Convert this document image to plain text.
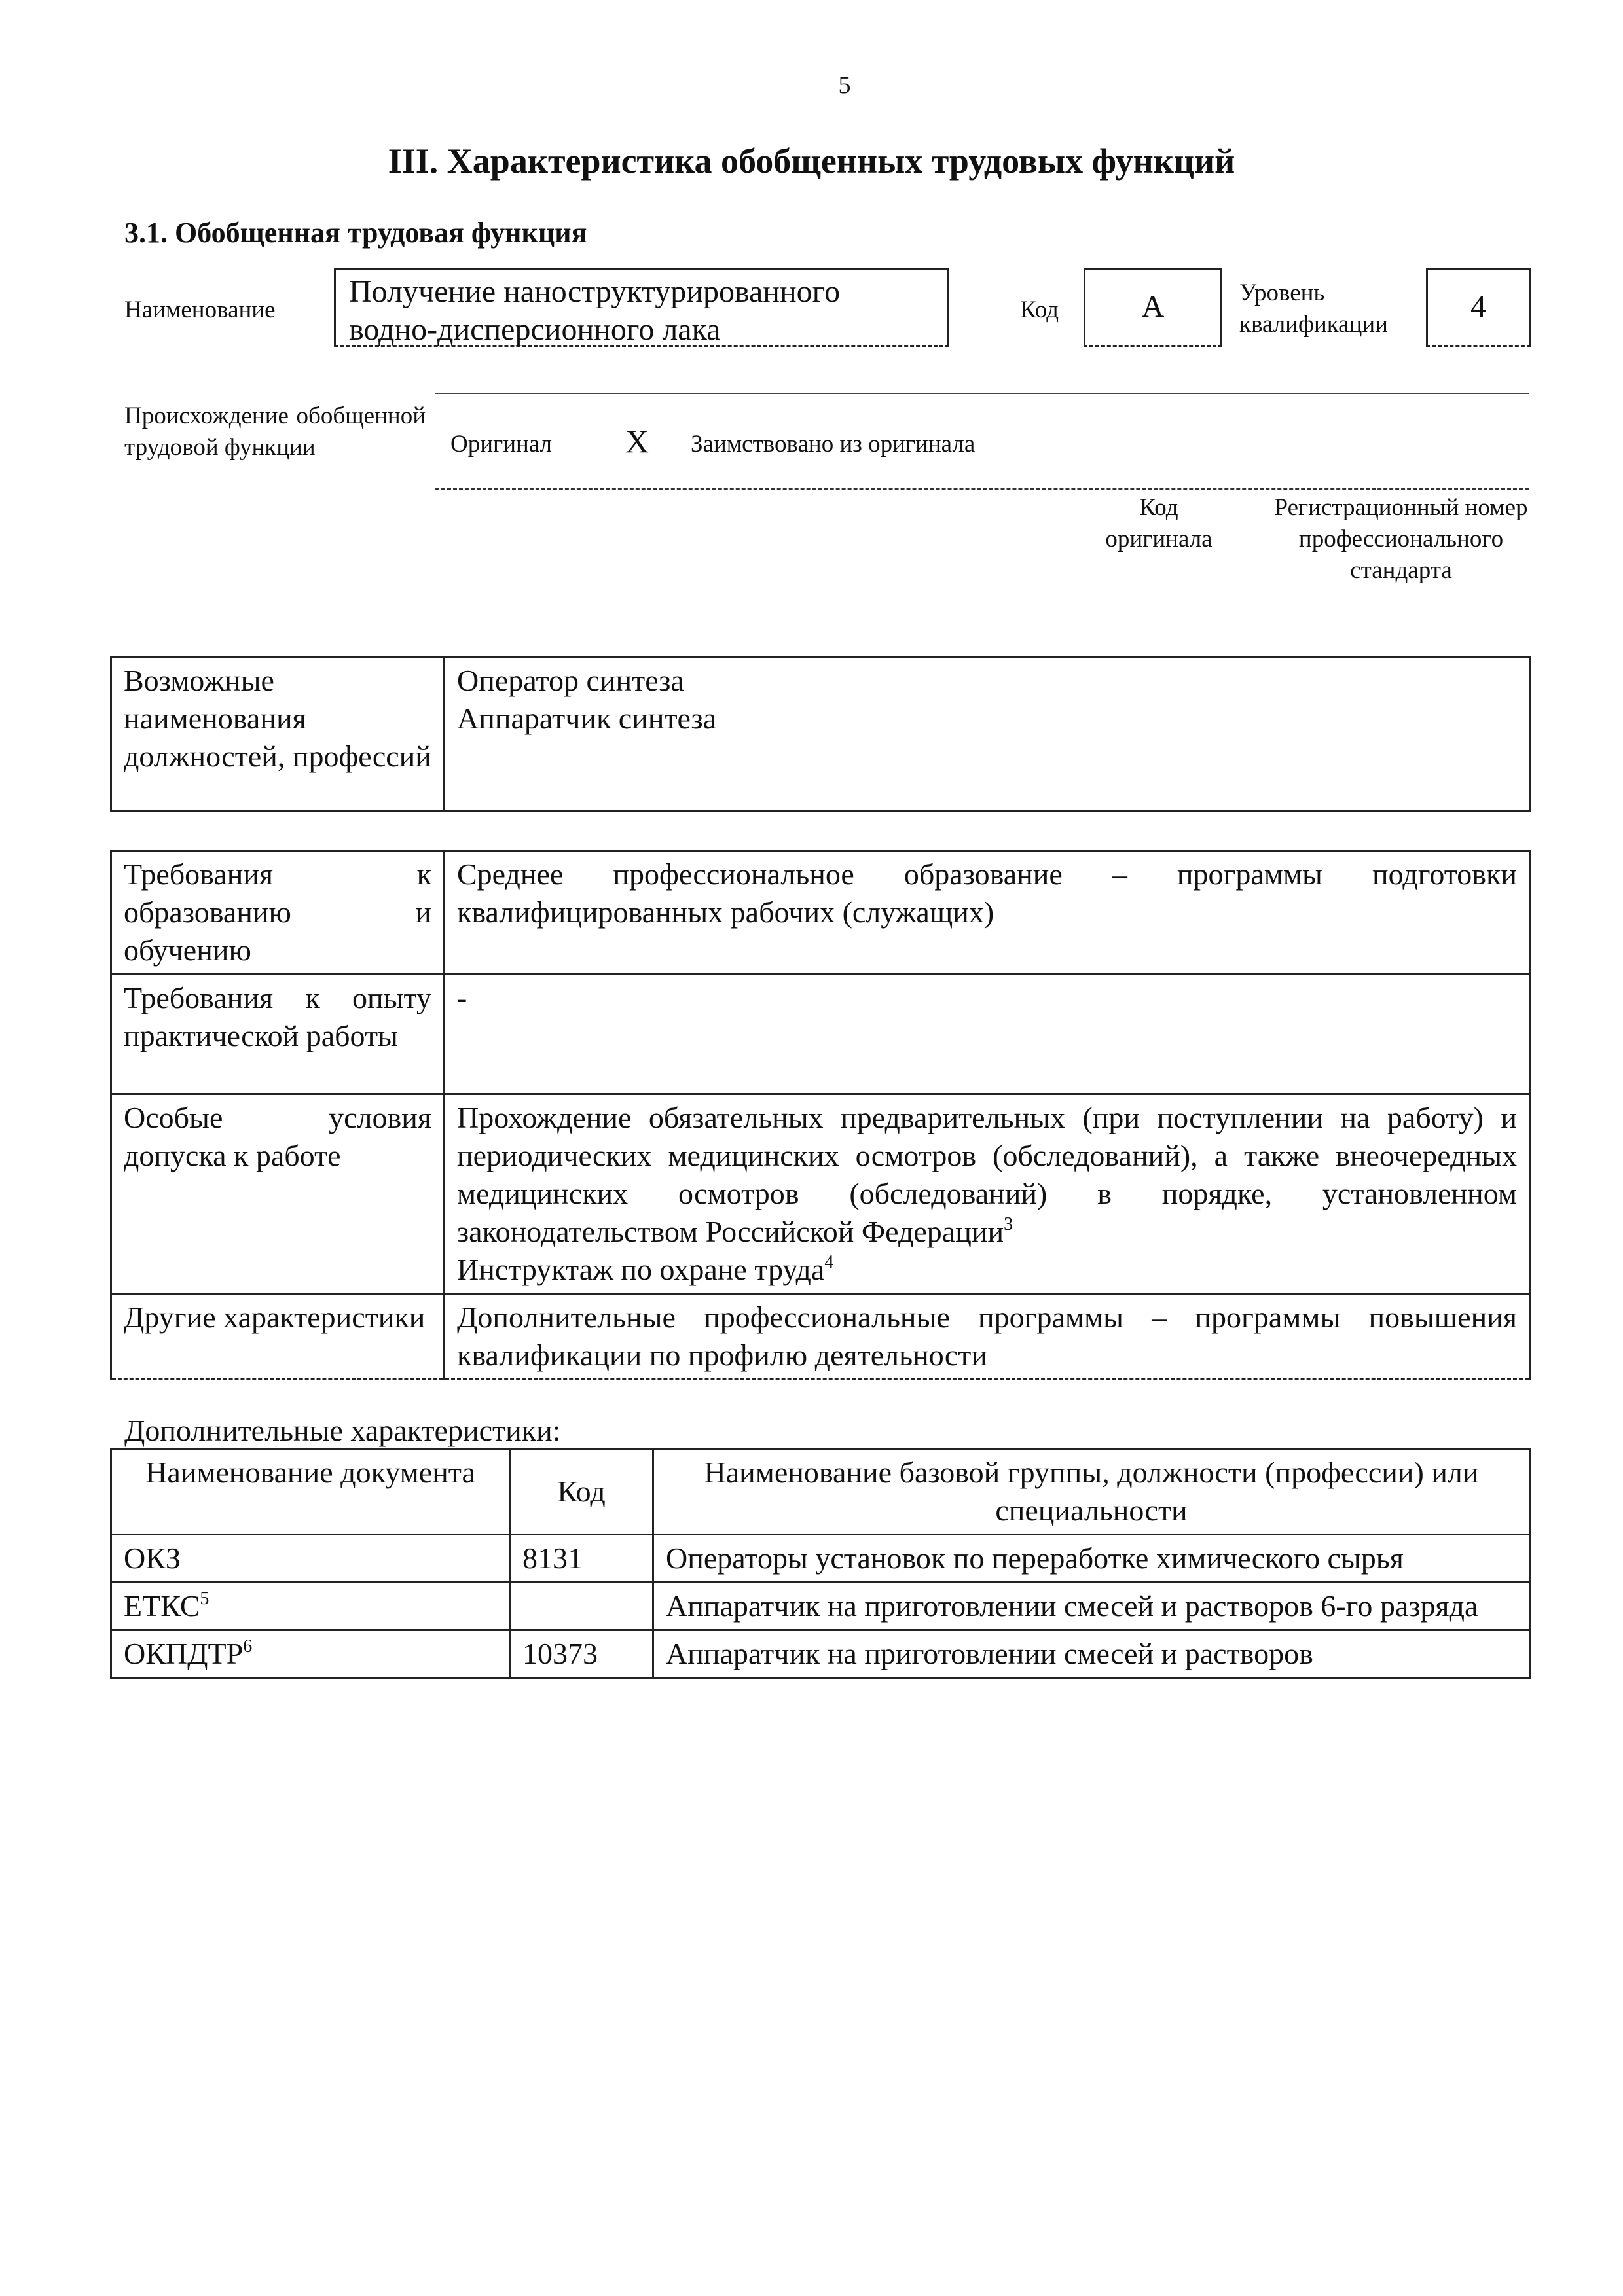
5
III. Характеристика обобщенных трудовых функций
3.1. Обобщенная трудовая функция
Наименование
Получение наноструктурированного водно-дисперсионного лака
Код	А	Уровень квалификации
4
Происхождение обобщенной трудовой функции	Оригинал Х Заимствовано из оригинала
Код оригинала
Регистрационный номер профессионального стандарта
Возможные наименования должностей, профессий	
Оператор синтеза
Аппаратчик синтеза
Требования к образованию и обучению	Среднее профессиональное образование – программы подготовки квалифицированных рабочих (служащих)
Требования к опыту практической работы	-
Особые условия допуска к работе	Прохождение обязательных предварительных (при поступлении на работу) и периодических медицинских осмотров (обследований), а также внеочередных медицинских осмотров (обследований) в порядке, установленном законодательством Российской Федерации$^3$
Инструктаж по охране труда$^4$
Другие характеристики	Дополнительные профессиональные программы – программы повышения квалификации по профилю деятельности
Дополнительные характеристики:
Наименование документа	Код	Наименование базовой группы, должности (профессии) или специальности
ОКЗ	8131	Операторы установок по переработке химического сырья
ЕТКС$^5$		Аппаратчик на приготовлении смесей и растворов 6-го разряда
ОКПДТР$^6$	10373	Аппаратчик на приготовлении смесей и растворов
